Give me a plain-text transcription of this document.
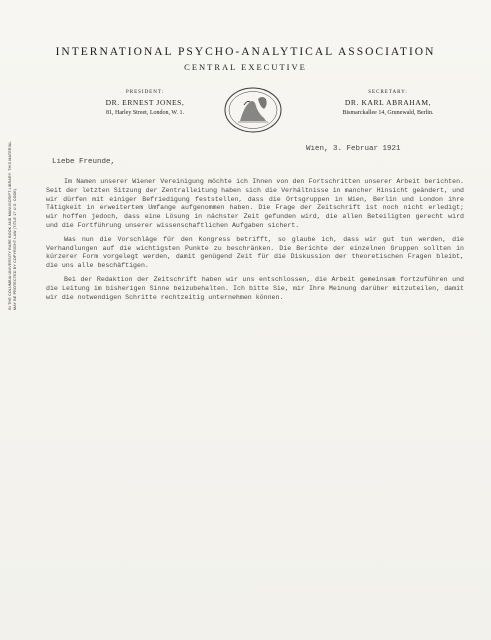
INTERNATIONAL PSYCHO-ANALYTICAL ASSOCIATION
CENTRAL EXECUTIVE
PRESIDENT:
DR. ERNEST JONES,
81, Harley Street, London, W. 1.
SECRETARY:
DR. KARL ABRAHAM,
Bismarckallee 14, Grunewald, Berlin.
IN THE COLUMBIA UNIVERSITY RARE BOOK AND MANUSCRIPT LIBRARY. THIS MATERIAL MAY BE PROTECTED BY COPYRIGHT LAW (TITLE 17 U.S. CODE).
Wien, 3. Februar 1921
Liebe Freunde,

Im Namen unserer Wiener Vereinigung möchte ich Ihnen von den Fortschritten unserer Arbeit berichten. Seit der letzten Sitzung der Zentralleitung haben sich die Verhältnisse in mancher Hinsicht geändert, und wir dürfen mit einiger Befriedigung feststellen, dass die Ortsgruppen in Wien, Berlin und London ihre Tätigkeit in erweitertem Umfange aufgenommen haben. Die Frage der Zeitschrift ist noch nicht erledigt; wir hoffen jedoch, dass eine Lösung in nächster Zeit gefunden wird, die allen Beteiligten gerecht wird und die Fortführung unserer wissenschaftlichen Aufgaben sichert.

Was nun die Vorschläge für den Kongress betrifft, so glaube ich, dass wir gut tun werden, die Verhandlungen auf die wichtigsten Punkte zu beschränken. Die Berichte der einzelnen Gruppen sollten in kürzerer Form vorgelegt werden, damit genügend Zeit für die Diskussion der theoretischen Fragen bleibt, die uns alle beschäftigen.

Bei der Redaktion der Zeitschrift haben wir uns entschlossen, die Arbeit gemeinsam fortzuführen und die Leitung im bisherigen Sinne beizubehalten. Ich bitte Sie, mir Ihre Meinung darüber mitzuteilen, damit wir die notwendigen Schritte rechtzeitig unternehmen können.
